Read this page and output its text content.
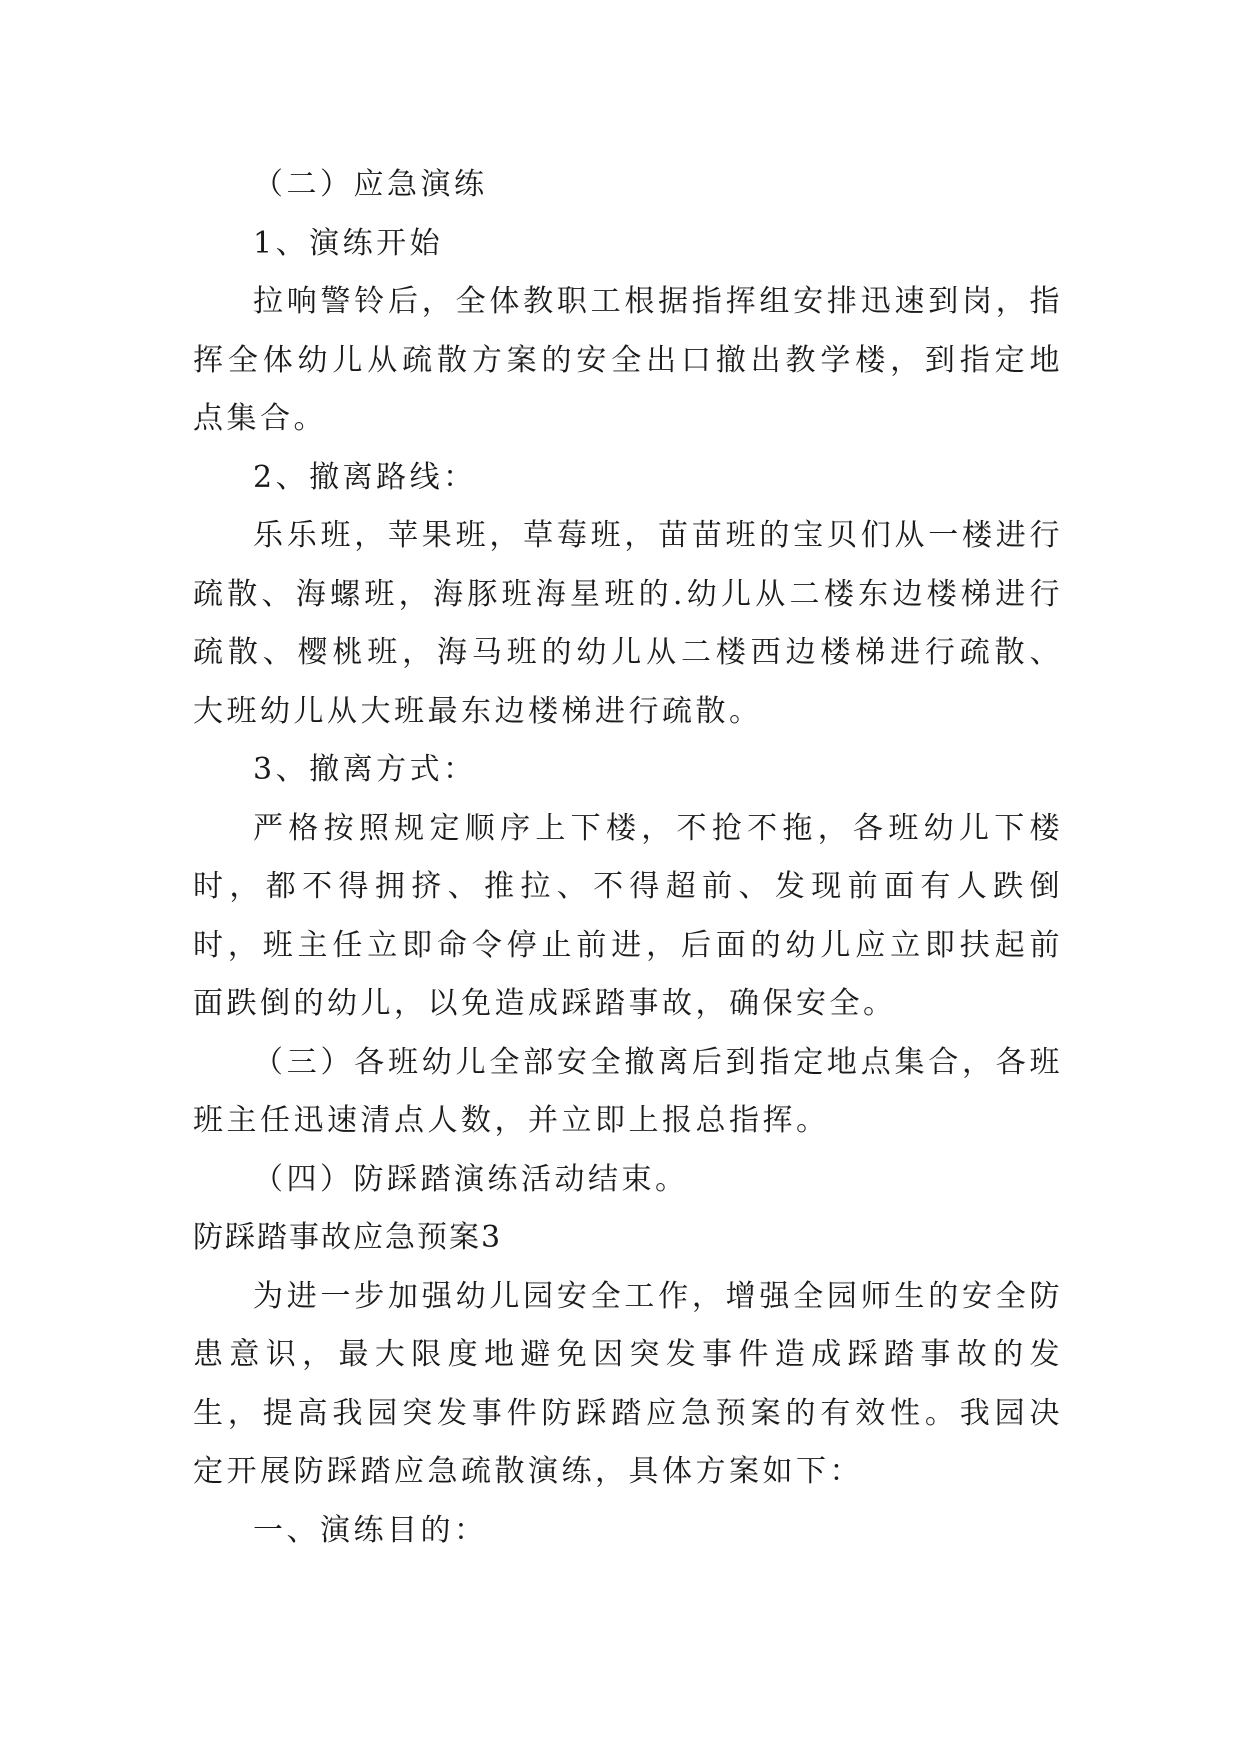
（二）应急演练

1、演练开始

拉响警铃后，全体教职工根据指挥组安排迅速到岗，指挥全体幼儿从疏散方案的安全出口撤出教学楼，到指定地点集合。

2、撤离路线：

乐乐班，苹果班，草莓班，苗苗班的宝贝们从一楼进行疏散、海螺班，海豚班海星班的.幼儿从二楼东边楼梯进行疏散、樱桃班，海马班的幼儿从二楼西边楼梯进行疏散、大班幼儿从大班最东边楼梯进行疏散。

3、撤离方式：

严格按照规定顺序上下楼，不抢不拖，各班幼儿下楼时，都不得拥挤、推拉、不得超前、发现前面有人跌倒时，班主任立即命令停止前进，后面的幼儿应立即扶起前面跌倒的幼儿，以免造成踩踏事故，确保安全。

（三）各班幼儿全部安全撤离后到指定地点集合，各班班主任迅速清点人数，并立即上报总指挥。

（四）防踩踏演练活动结束。

防踩踏事故应急预案3

为进一步加强幼儿园安全工作，增强全园师生的安全防患意识，最大限度地避免因突发事件造成踩踏事故的发生，提高我园突发事件防踩踏应急预案的有效性。我园决定开展防踩踏应急疏散演练，具体方案如下：

一、演练目的：
